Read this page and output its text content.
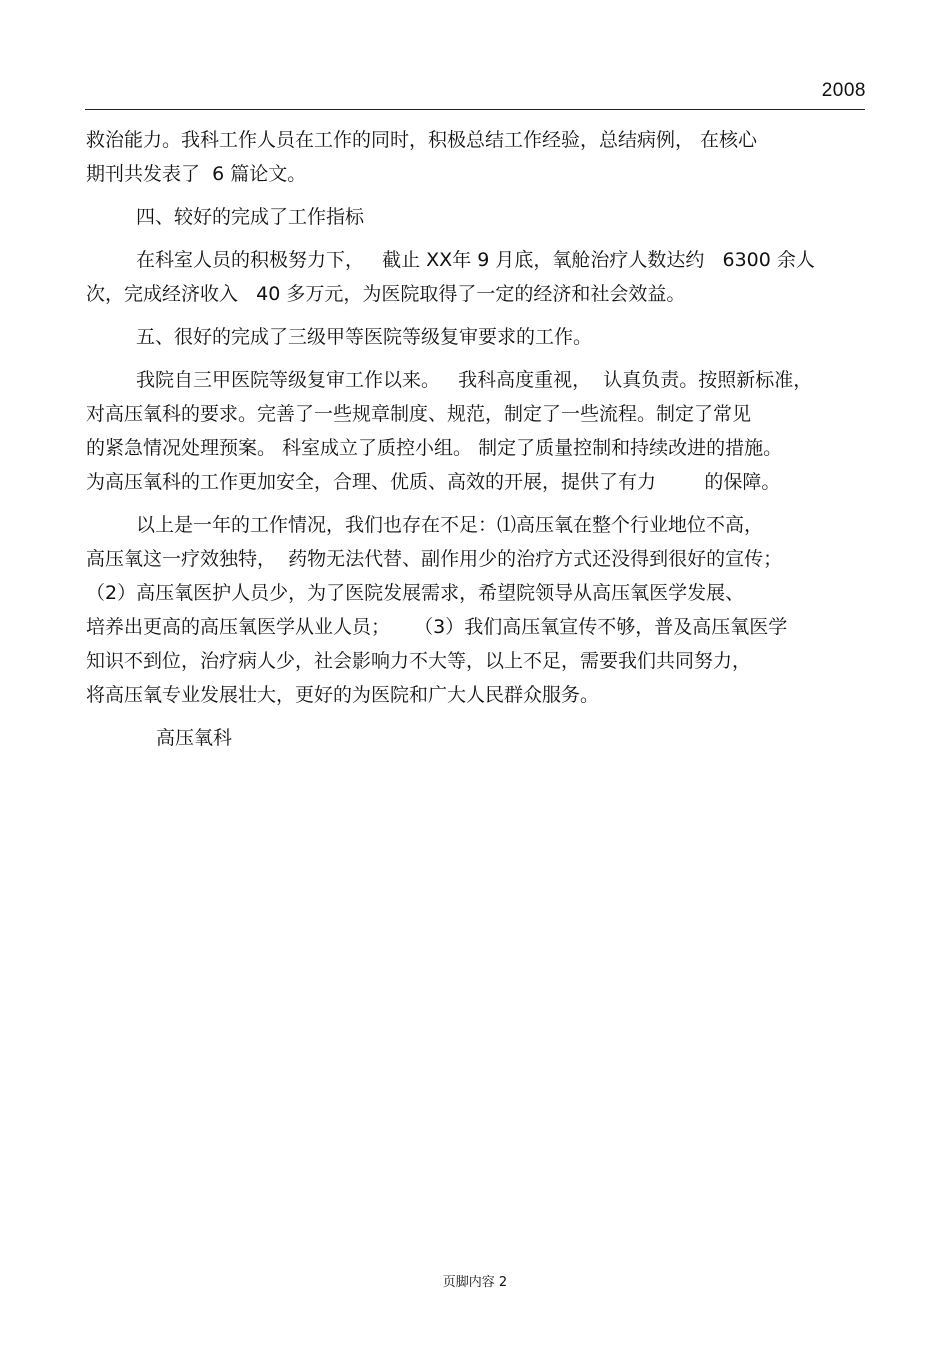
2008
救治能力。我科工作人员在工作的同时，积极总结工作经验，总结病例， 在核心
期刊共发表了  6 篇论文。
四、较好的完成了工作指标
在科室人员的积极努力下，   截止 XX年 9 月底，氧舱治疗人数达约   6300 余人
次，完成经济收入   40 多万元，为医院取得了一定的经济和社会效益。
五、很好的完成了三级甲等医院等级复审要求的工作。
我院自三甲医院等级复审工作以来。   我科高度重视，  认真负责。按照新标准，
对高压氧科的要求。完善了一些规章制度、规范，制定了一些流程。制定了常见
的紧急情况处理预案。 科室成立了质控小组。 制定了质量控制和持续改进的措施。
为高压氧科的工作更加安全，合理、优质、高效的开展，提供了有力        的保障。
以上是一年的工作情况，我们也存在不足：⑴高压氧在整个行业地位不高，
高压氧这一疗效独特，  药物无法代替、副作用少的治疗方式还没得到很好的宣传；
（2）高压氧医护人员少，为了医院发展需求，希望院领导从高压氧医学发展、
培养出更高的高压氧医学从业人员；    （3）我们高压氧宣传不够，普及高压氧医学
知识不到位，治疗病人少，社会影响力不大等，以上不足，需要我们共同努力，
将高压氧专业发展壮大，更好的为医院和广大人民群众服务。
高压氧科
页脚内容 2
